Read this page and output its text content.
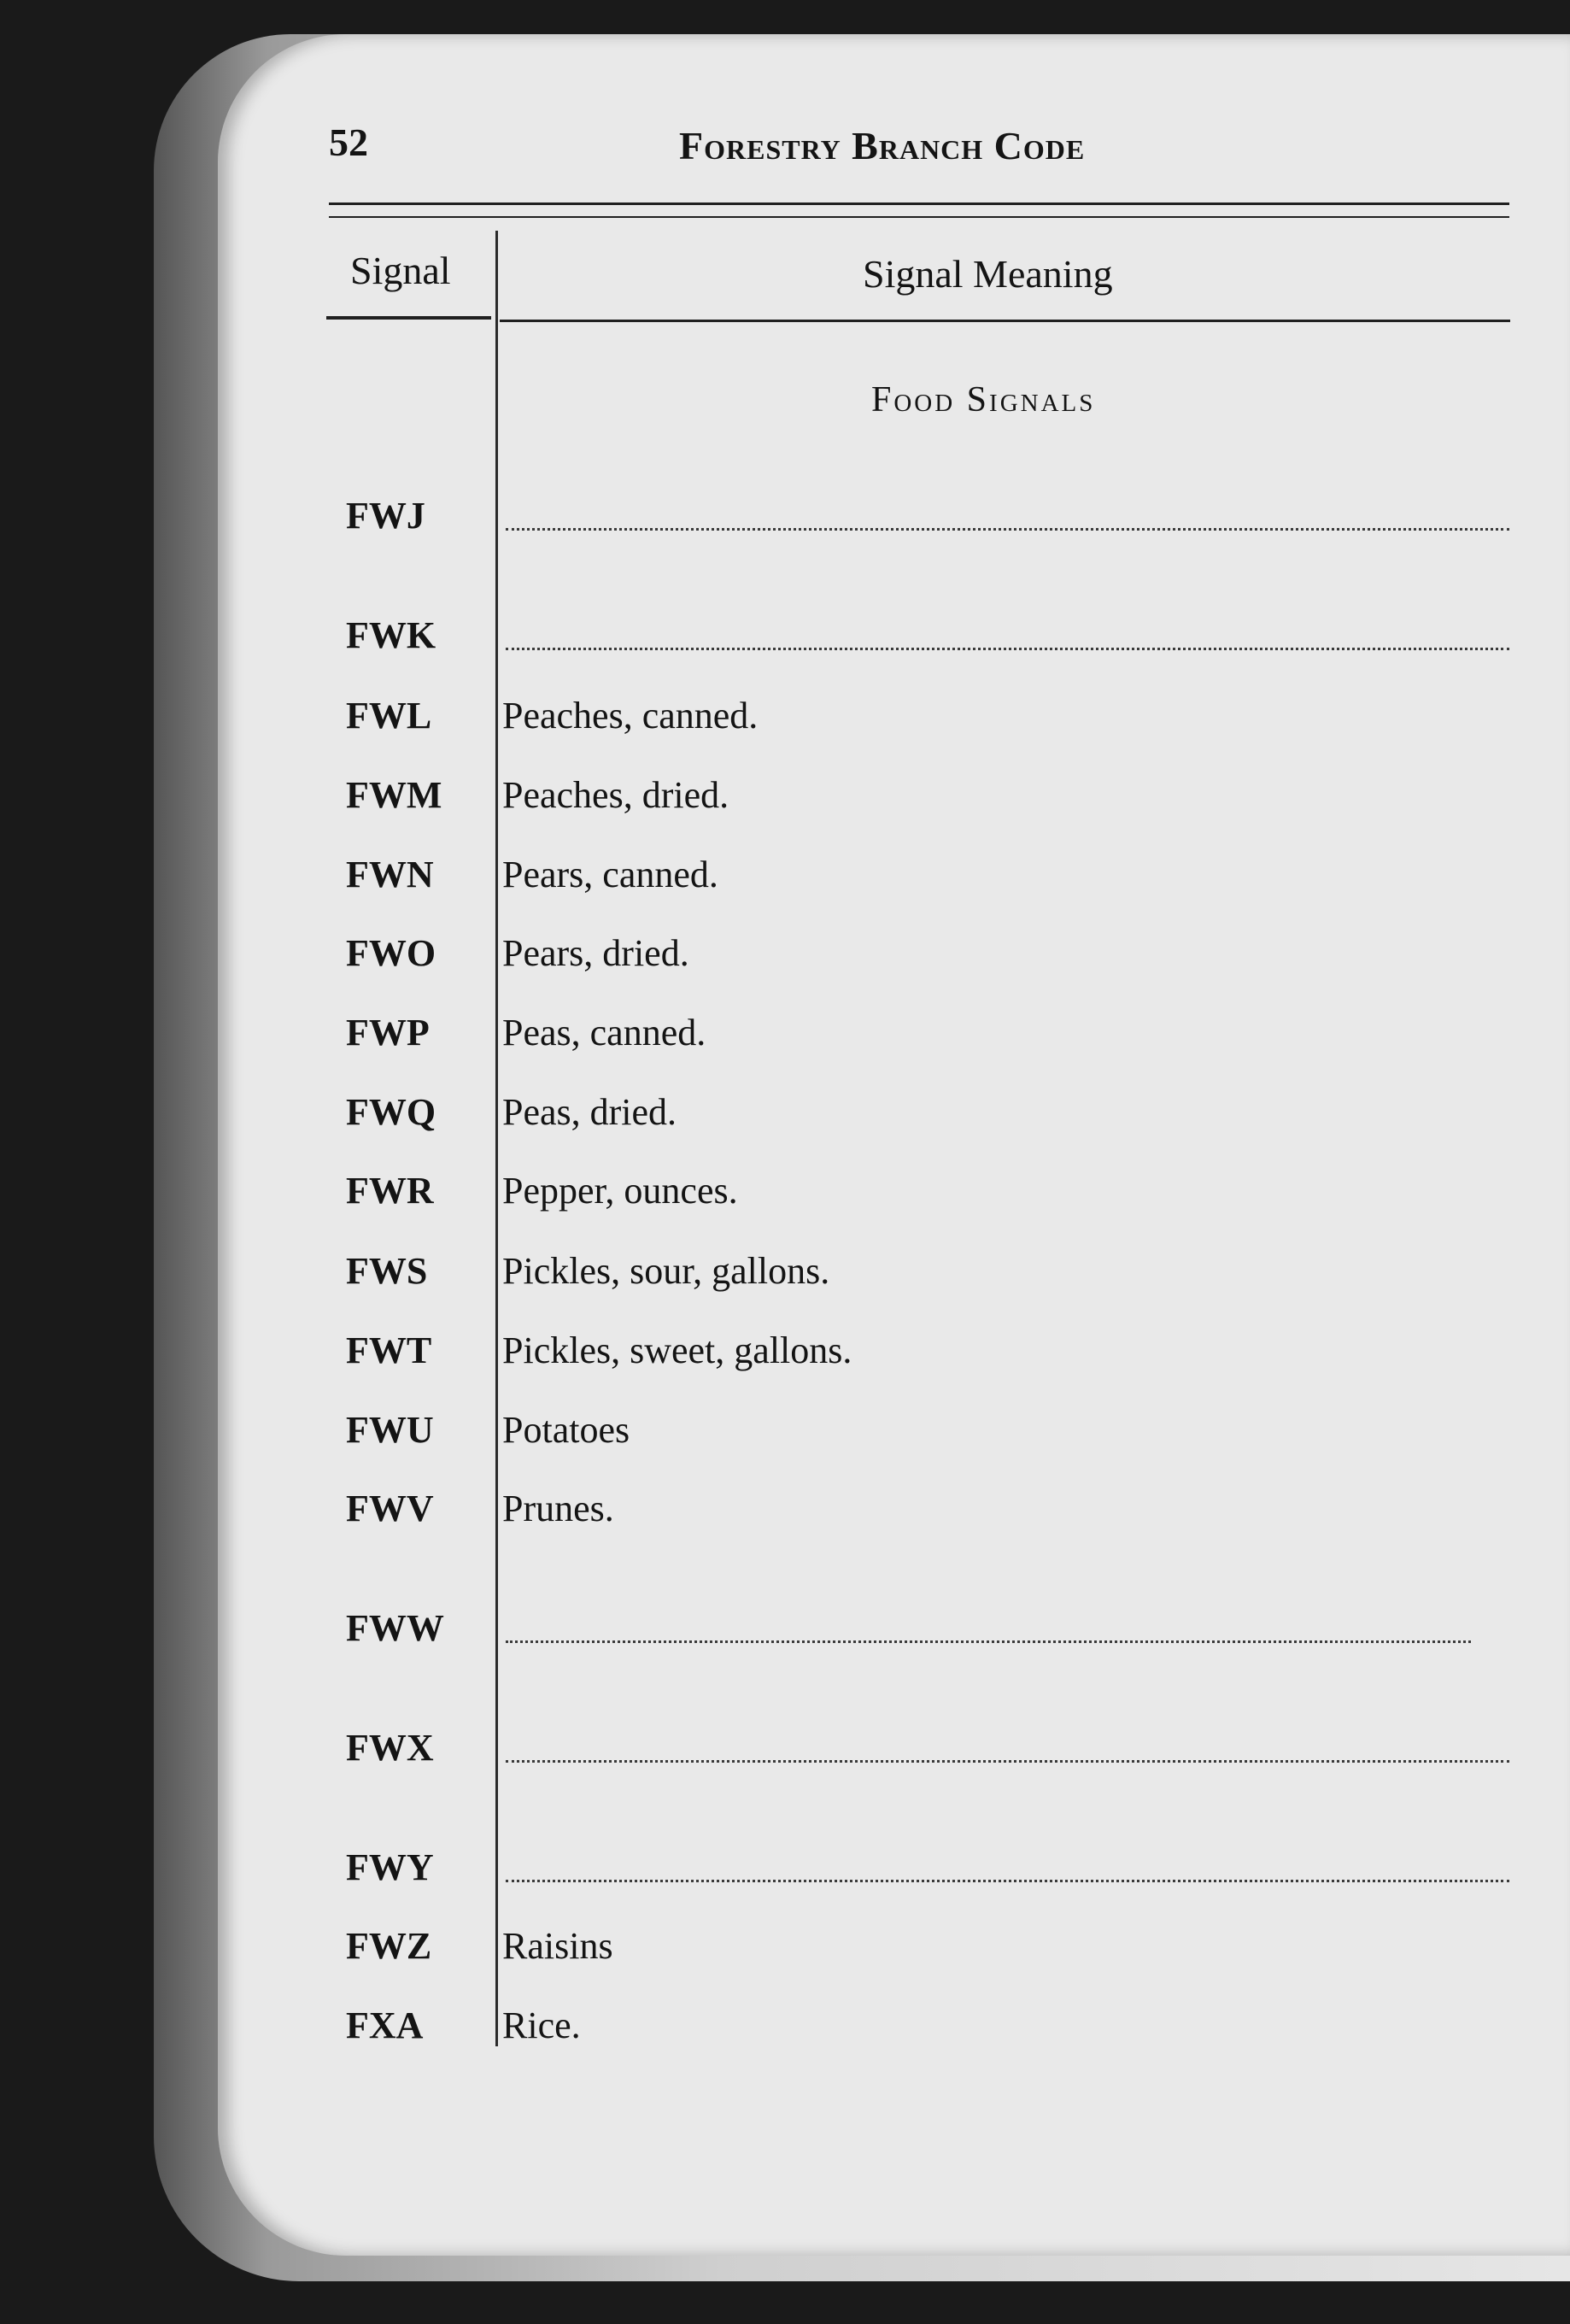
52	Forestry Branch Code
Signal	Signal Meaning
Food Signals
FWJ
FWK
FWL Peaches, canned.
FWM Peaches, dried.
FWN Pears, canned.
FWO Pears, dried.
FWP Peas, canned.
FWQ Peas, dried.
FWR Pepper, ounces.
FWS Pickles, sour, gallons.
FWT Pickles, sweet, gallons.
FWU Potatoes
FWV Prunes.
FWW
FWX
FWY
FWZ Raisins
FXA Rice.
